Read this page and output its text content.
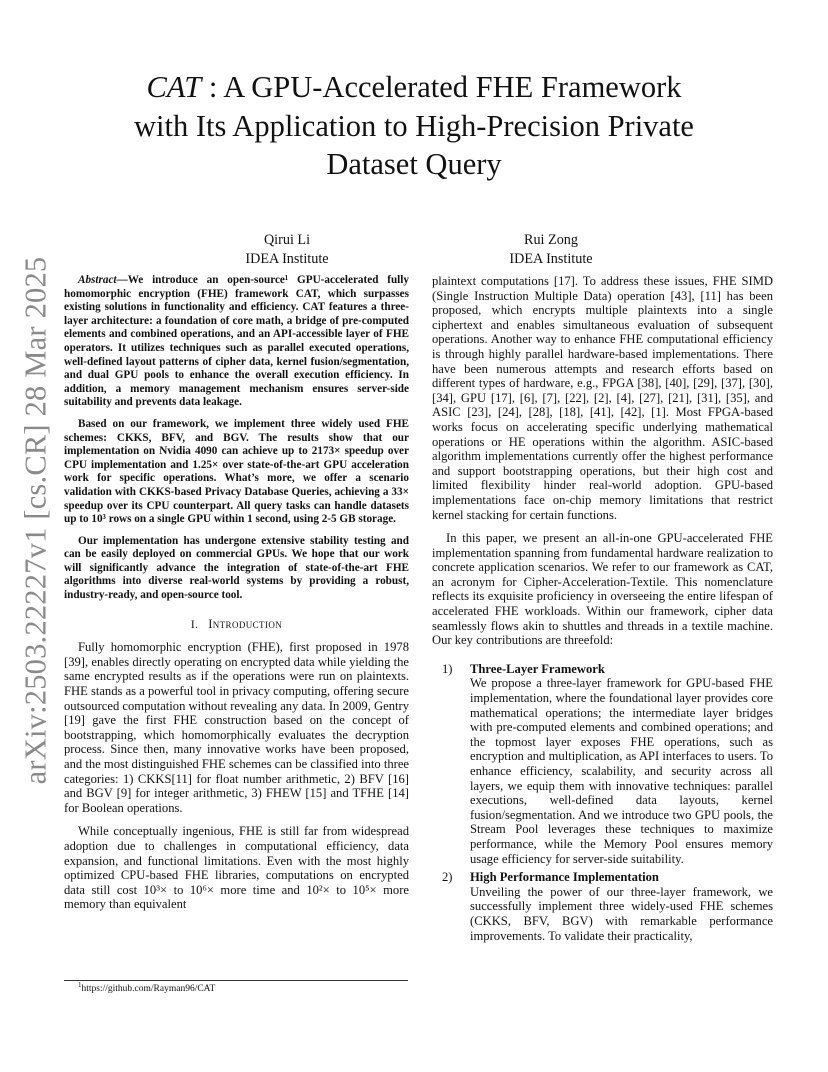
arXiv:2503.22227v1 [cs.CR] 28 Mar 2025
CAT : A GPU-Accelerated FHE Framework
with Its Application to High-Precision Private
Dataset Query
Qirui Li
IDEA Institute
Rui Zong
IDEA Institute

Abstract—We introduce an open-source¹ GPU-accelerated fully homomorphic encryption (FHE) framework CAT, which surpasses existing solutions in functionality and efficiency. CAT features a three-layer architecture: a foundation of core math, a bridge of pre-computed elements and combined operations, and an API-accessible layer of FHE operators. It utilizes techniques such as parallel executed operations, well-defined layout patterns of cipher data, kernel fusion/segmentation, and dual GPU pools to enhance the overall execution efficiency. In addition, a memory management mechanism ensures server-side suitability and prevents data leakage.

Based on our framework, we implement three widely used FHE schemes: CKKS, BFV, and BGV. The results show that our implementation on Nvidia 4090 can achieve up to 2173× speedup over CPU implementation and 1.25× over state-of-the-art GPU acceleration work for specific operations. What’s more, we offer a scenario validation with CKKS-based Privacy Database Queries, achieving a 33× speedup over its CPU counterpart. All query tasks can handle datasets up to 10³ rows on a single GPU within 1 second, using 2-5 GB storage.

Our implementation has undergone extensive stability testing and can be easily deployed on commercial GPUs. We hope that our work will significantly advance the integration of state-of-the-art FHE algorithms into diverse real-world systems by providing a robust, industry-ready, and open-source tool.

I. Introduction

Fully homomorphic encryption (FHE), first proposed in 1978 [39], enables directly operating on encrypted data while yielding the same encrypted results as if the operations were run on plaintexts. FHE stands as a powerful tool in privacy computing, offering secure outsourced computation without revealing any data. In 2009, Gentry [19] gave the first FHE construction based on the concept of bootstrapping, which homomorphically evaluates the decryption process. Since then, many innovative works have been proposed, and the most distinguished FHE schemes can be classified into three categories: 1) CKKS[11] for float number arithmetic, 2) BFV [16] and BGV [9] for integer arithmetic, 3) FHEW [15] and TFHE [14] for Boolean operations.

While conceptually ingenious, FHE is still far from widespread adoption due to challenges in computational efficiency, data expansion, and functional limitations. Even with the most highly optimized CPU-based FHE libraries, computations on encrypted data still cost 10³× to 10⁶× more time and 10²× to 10⁵× more memory than equivalent

$^1$https://github.com/Rayman96/CAT

plaintext computations [17]. To address these issues, FHE SIMD (Single Instruction Multiple Data) operation [43], [11] has been proposed, which encrypts multiple plaintexts into a single ciphertext and enables simultaneous evaluation of subsequent operations. Another way to enhance FHE computational efficiency is through highly parallel hardware-based implementations. There have been numerous attempts and research efforts based on different types of hardware, e.g., FPGA [38], [40], [29], [37], [30], [34], GPU [17], [6], [7], [22], [2], [4], [27], [21], [31], [35], and ASIC [23], [24], [28], [18], [41], [42], [1]. Most FPGA-based works focus on accelerating specific underlying mathematical operations or HE operations within the algorithm. ASIC-based algorithm implementations currently offer the highest performance and support bootstrapping operations, but their high cost and limited flexibility hinder real-world adoption. GPU-based implementations face on-chip memory limitations that restrict kernel stacking for certain functions.

In this paper, we present an all-in-one GPU-accelerated FHE implementation spanning from fundamental hardware realization to concrete application scenarios. We refer to our framework as CAT, an acronym for Cipher-Acceleration-Textile. This nomenclature reflects its exquisite proficiency in overseeing the entire lifespan of accelerated FHE workloads. Within our framework, cipher data seamlessly flows akin to shuttles and threads in a textile machine. Our key contributions are threefold:

1)	Three-Layer Framework
We propose a three-layer framework for GPU-based FHE implementation, where the foundational layer provides core mathematical operations; the intermediate layer bridges with pre-computed elements and combined operations; and the topmost layer exposes FHE operations, such as encryption and multiplication, as API interfaces to users. To enhance efficiency, scalability, and security across all layers, we equip them with innovative techniques: parallel executions, well-defined data layouts, kernel fusion/segmentation. And we introduce two GPU pools, the Stream Pool leverages these techniques to maximize performance, while the Memory Pool ensures memory usage efficiency for server-side suitability.
2)	High Performance Implementation
Unveiling the power of our three-layer framework, we successfully implement three widely-used FHE schemes (CKKS, BFV, BGV) with remarkable performance improvements. To validate their practicality,
